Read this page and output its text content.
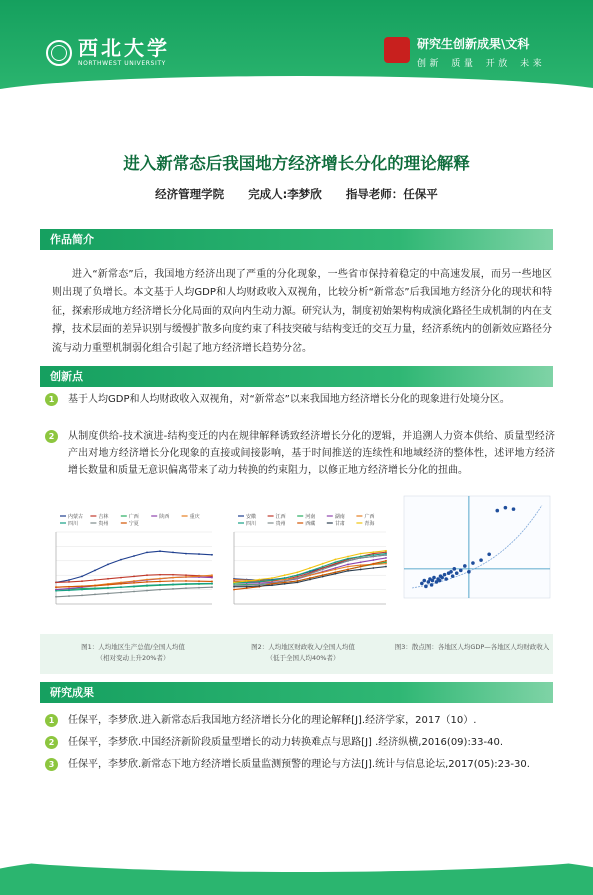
西北大学
NORTHWEST UNIVERSITY
研究生创新成果\文科
创新 质量 开放 未来
进入新常态后我国地方经济增长分化的理论解释
经济管理学院 完成人:李梦欣 指导老师：任保平
作品简介
进入“新常态”后，我国地方经济出现了严重的分化现象，一些省市保持着稳定的中高速发展，而另一些地区则出现了负增长。本文基于人均GDP和人均财政收入双视角，比较分析“新常态”后我国地方经济分化的现状和特征，探索形成地方经济增长分化局面的双向内生动力源。研究认为，制度初始架构构成演化路径生成机制的内在支撑，技术层面的差异识别与缓慢扩散多向度约束了科技突破与结构变迁的交互力量，经济系统内的创新效应路径分流与动力重塑机制弱化组合引起了地方经济增长趋势分岔。
创新点
1	基于人均GDP和人均财政收入双视角，对“新常态”以来我国地方经济增长分化的现象进行处境分区。
2	从制度供给-技术演进-结构变迁的内在规律解释诱致经济增长分化的逻辑，并追溯人力资本供给、质量型经济产出对地方经济增长分化现象的直接或间接影响，基于时间推送的连续性和地域经济的整体性，述评地方经济增长数量和质量无意识偏离带来了动力转换的约束阻力，以修正地方经济增长分化的扭曲。
内蒙古	吉林	广西	陕西	重庆
四川	贵州	宁夏
安徽	江西	河南	湖南	广西
四川	贵州	西藏	甘肃	青海
图1：人均地区生产总值/全国人均值
（相对变动上升20%者）
图2：人均地区财政收入/全国人均值
（低于全国人均40%者）
图3：散点图：各地区人均GDP—各地区人均财政收入
研究成果
1	任保平，李梦欣.进入新常态后我国地方经济增长分化的理论解释[J].经济学家，2017（10）.
2	任保平，李梦欣.中国经济新阶段质量型增长的动力转换难点与思路[J] .经济纵横,2016(09):33-40.
3	任保平，李梦欣.新常态下地方经济增长质量监测预警的理论与方法[J].统计与信息论坛,2017(05):23-30.
